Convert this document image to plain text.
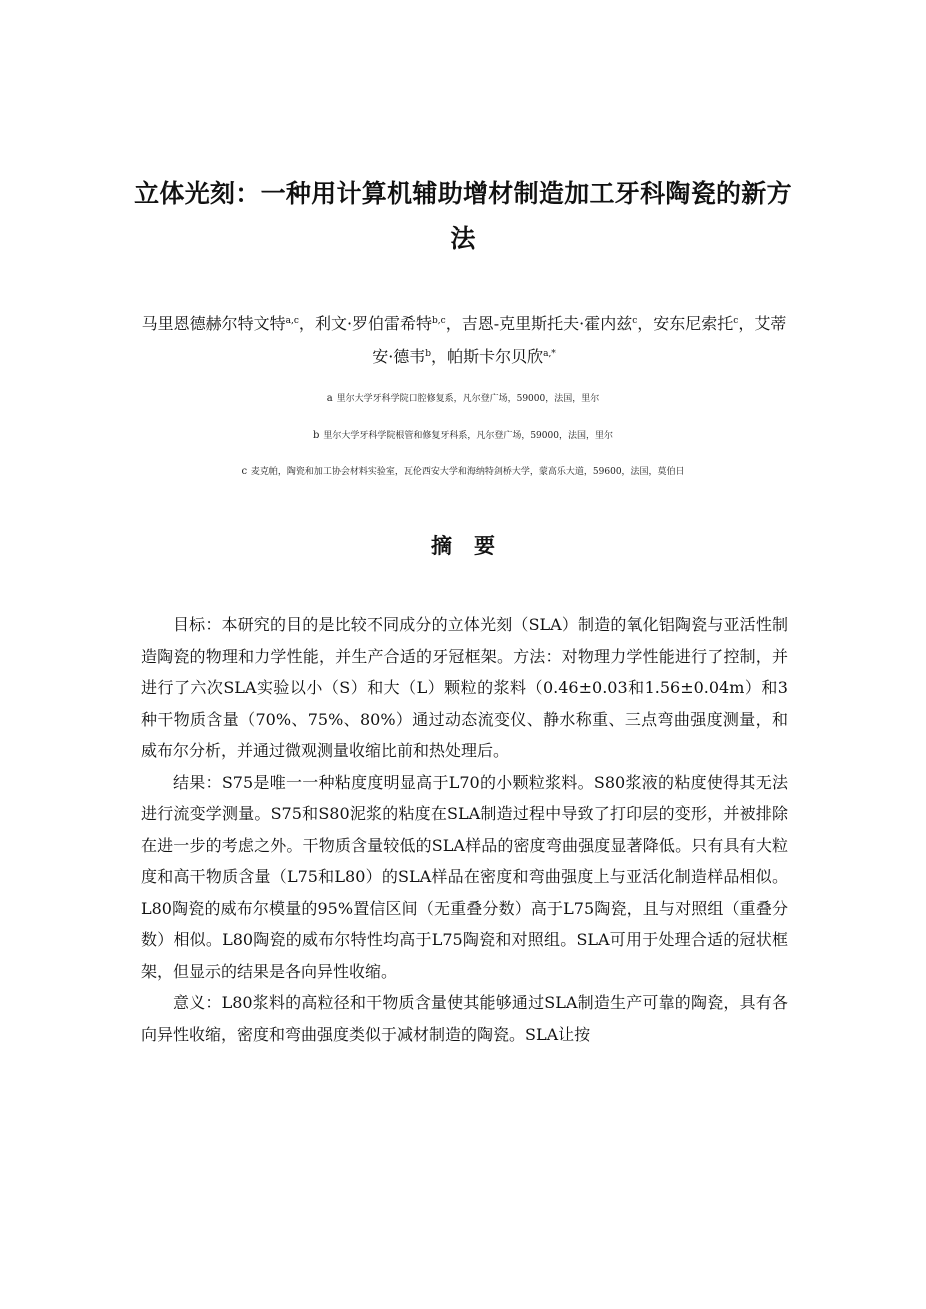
立体光刻：一种用计算机辅助增材制造加工牙科陶瓷的新方法
马里恩德赫尔特文特$^{a,c}$，利文·罗伯雷希特$^{b,c}$，吉恩-克里斯托夫·霍内兹$^c$，安东尼索托$^c$，艾蒂安·德韦$^b$，帕斯卡尔贝欣$^{a,*}$
a 里尔大学牙科学院口腔修复系，凡尔登广场，59000，法国，里尔
b 里尔大学牙科学院根管和修复牙科系，凡尔登广场，59000，法国，里尔
c 麦克帕，陶瓷和加工协会材料实验室，瓦伦西安大学和海纳特剑桥大学，蒙高乐大道，59600，法国，莫伯日
摘要

目标：本研究的目的是比较不同成分的立体光刻（SLA）制造的氧化铝陶瓷与亚活性制造陶瓷的物理和力学性能，并生产合适的牙冠框架。方法：对物理力学性能进行了控制，并进行了六次SLA实验以小（S）和大（L）颗粒的浆料（0.46±0.03和1.56±0.04m）和3种干物质含量（70%、75%、80%）通过动态流变仪、静水称重、三点弯曲强度测量，和威布尔分析，并通过微观测量收缩比前和热处理后。

结果：S75是唯一一种粘度度明显高于L70的小颗粒浆料。S80浆液的粘度使得其无法进行流变学测量。S75和S80泥浆的粘度在SLA制造过程中导致了打印层的变形，并被排除在进一步的考虑之外。干物质含量较低的SLA样品的密度弯曲强度显著降低。只有具有大粒度和高干物质含量（L75和L80）的SLA样品在密度和弯曲强度上与亚活化制造样品相似。L80陶瓷的威布尔模量的95%置信区间（无重叠分数）高于L75陶瓷，且与对照组（重叠分数）相似。L80陶瓷的威布尔特性均高于L75陶瓷和对照组。SLA可用于处理合适的冠状框架，但显示的结果是各向异性收缩。

意义：L80浆料的高粒径和干物质含量使其能够通过SLA制造生产可靠的陶瓷，具有各向异性收缩，密度和弯曲强度类似于减材制造的陶瓷。SLA让按
